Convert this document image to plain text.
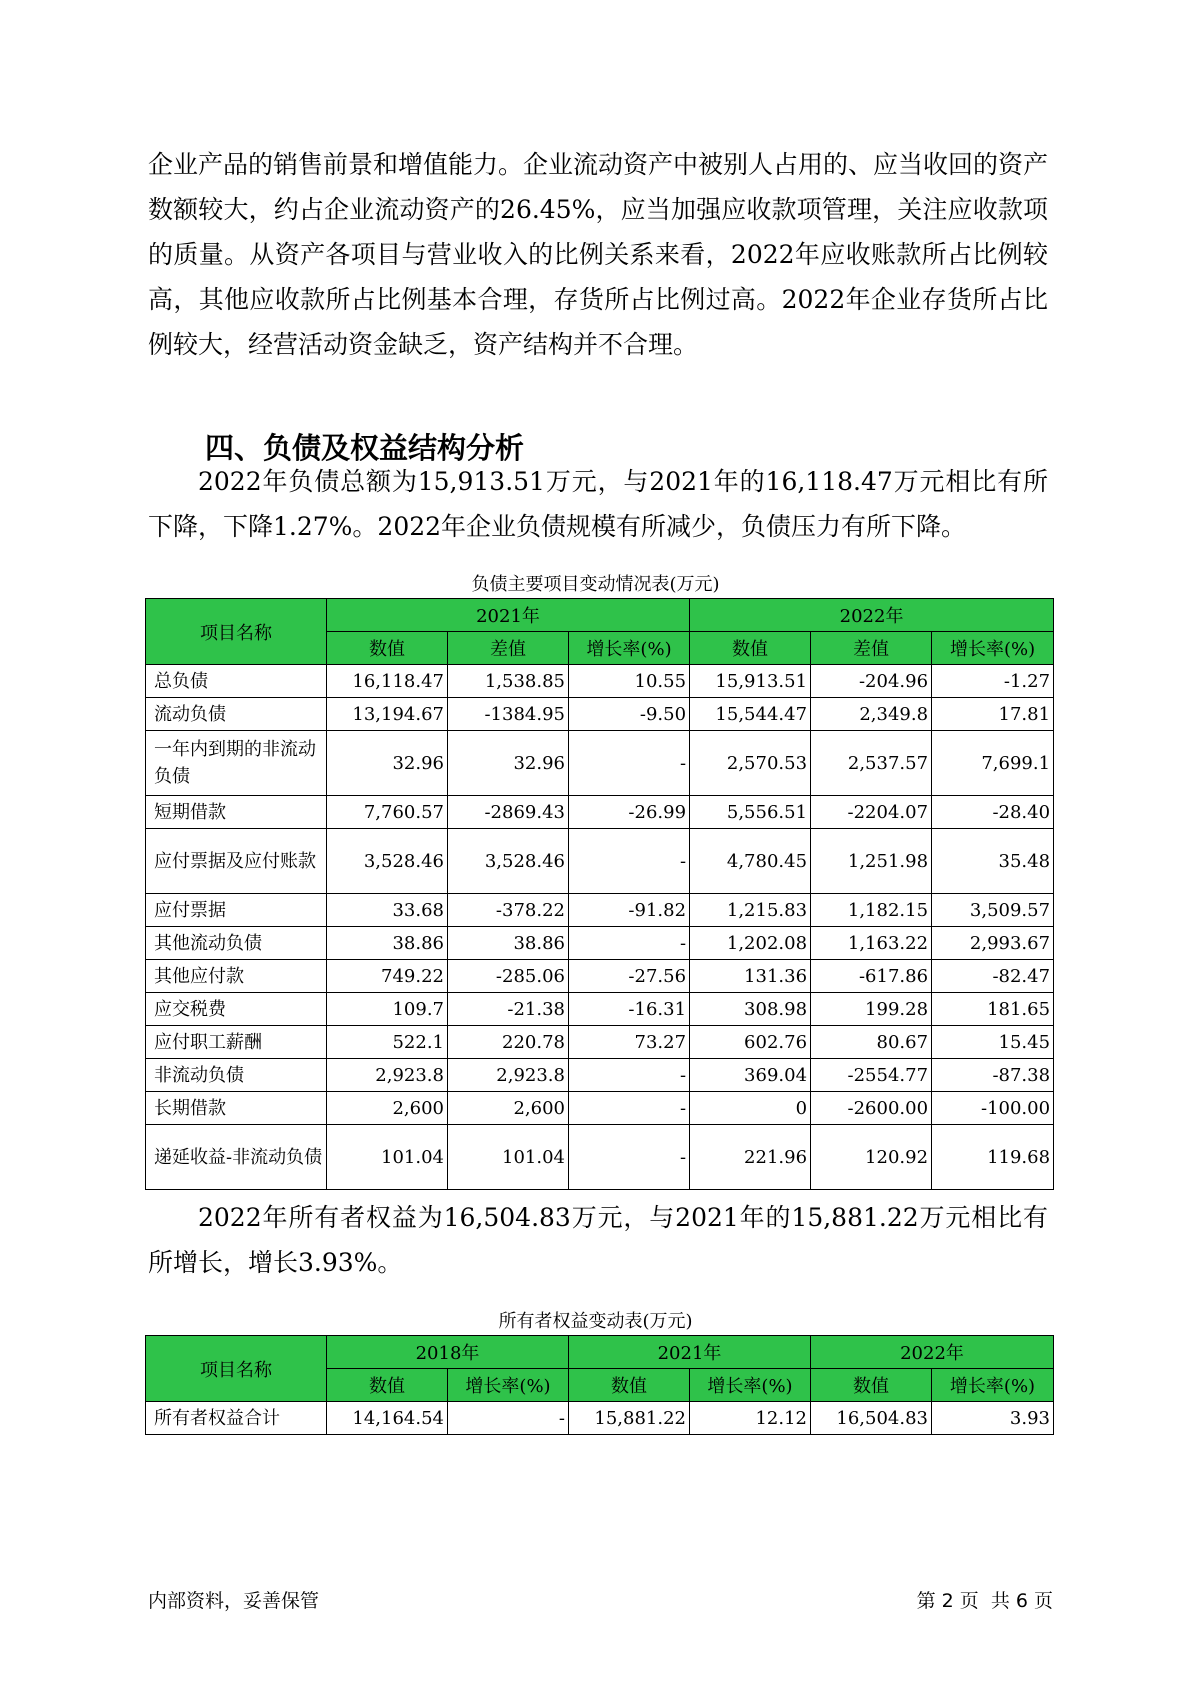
企业产品的销售前景和增值能力。企业流动资产中被别人占用的、应当收回的资产数额较大，约占企业流动资产的26.45%，应当加强应收款项管理，关注应收款项的质量。从资产各项目与营业收入的比例关系来看，2022年应收账款所占比例较高，其他应收款所占比例基本合理，存货所占比例过高。2022年企业存货所占比例较大，经营活动资金缺乏，资产结构并不合理。

四、负债及权益结构分析

2022年负债总额为15,913.51万元，与2021年的16,118.47万元相比有所下降，下降1.27%。2022年企业负债规模有所减少，负债压力有所下降。

负债主要项目变动情况表(万元)

项目名称	2021年			2022年		
	数值	差值	增长率(%)	数值	差值	增长率(%)
总负债	16,118.47	1,538.85	10.55	15,913.51	-204.96	-1.27
流动负债	13,194.67	-1384.95	-9.50	15,544.47	2,349.8	17.81
一年内到期的非流动负债	32.96	32.96	-	2,570.53	2,537.57	7,699.1
短期借款	7,760.57	-2869.43	-26.99	5,556.51	-2204.07	-28.40
应付票据及应付账款	3,528.46	3,528.46	-	4,780.45	1,251.98	35.48
应付票据	33.68	-378.22	-91.82	1,215.83	1,182.15	3,509.57
其他流动负债	38.86	38.86	-	1,202.08	1,163.22	2,993.67
其他应付款	749.22	-285.06	-27.56	131.36	-617.86	-82.47
应交税费	109.7	-21.38	-16.31	308.98	199.28	181.65
应付职工薪酬	522.1	220.78	73.27	602.76	80.67	15.45
非流动负债	2,923.8	2,923.8	-	369.04	-2554.77	-87.38
长期借款	2,600	2,600	-	0	-2600.00	-100.00
递延收益-非流动负债	101.04	101.04	-	221.96	120.92	119.68

2022年所有者权益为16,504.83万元，与2021年的15,881.22万元相比有所增长，增长3.93%。

所有者权益变动表(万元)

项目名称	2018年		2021年		2022年	
	数值	增长率(%)	数值	增长率(%)	数值	增长率(%)
所有者权益合计	14,164.54	-	15,881.22	12.12	16,504.83	3.93
内部资料，妥善保管	第 2 页  共 6 页
